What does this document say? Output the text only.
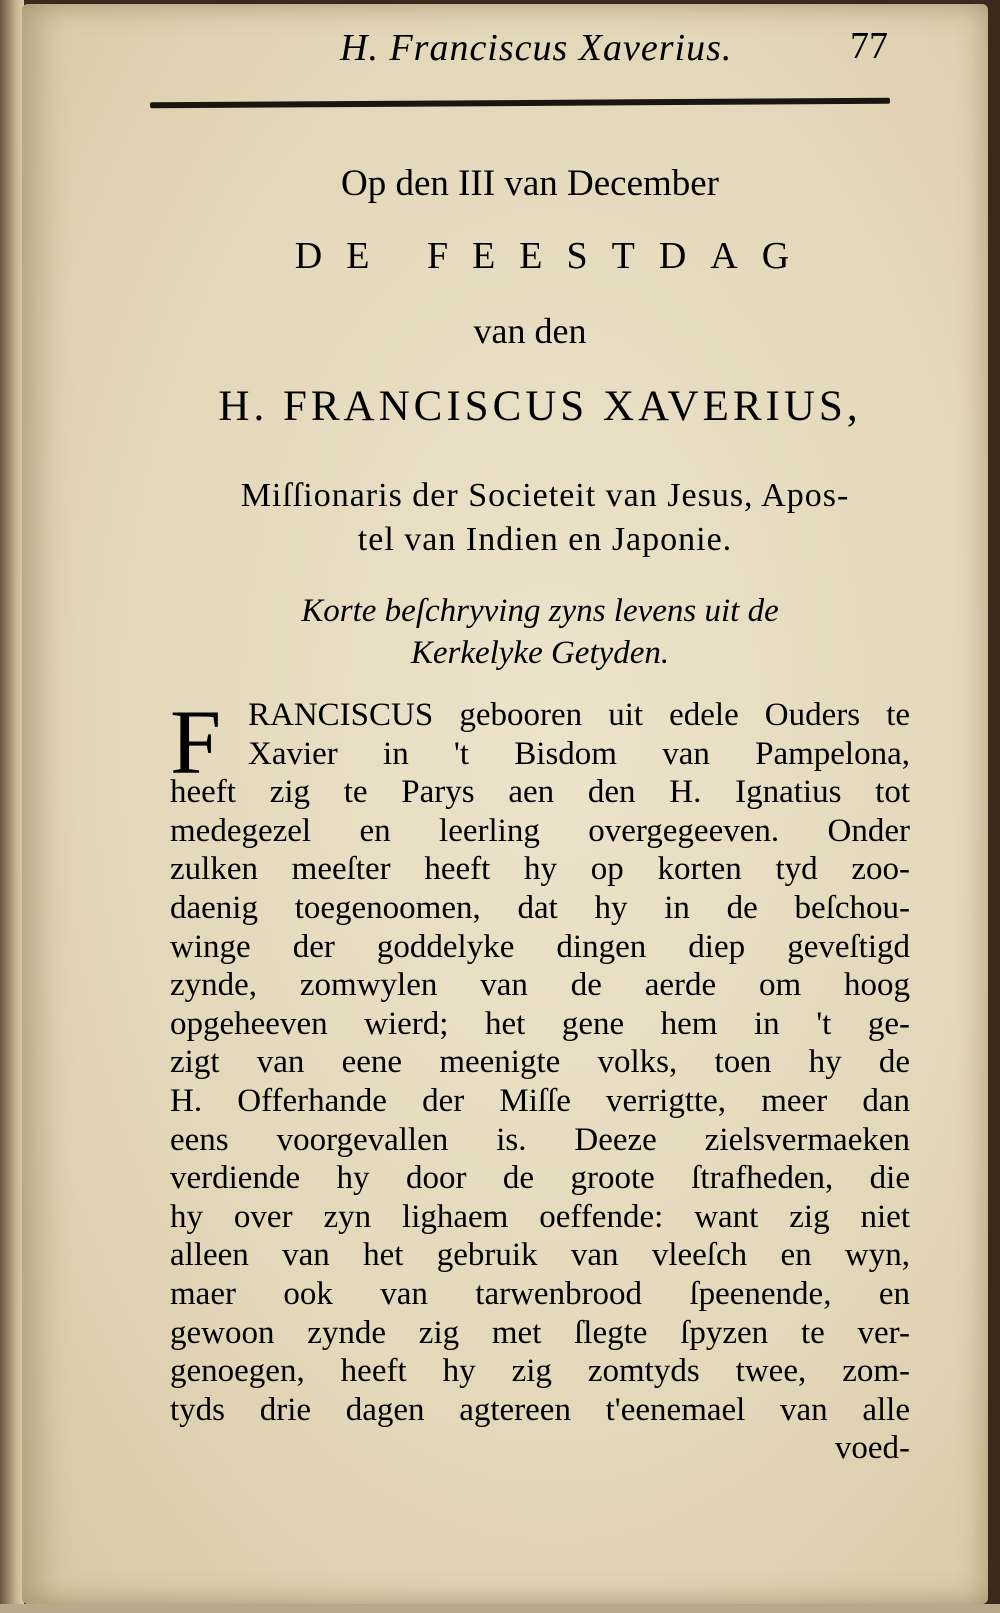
H. Franciscus Xaverius.	77
Op den III van December
DE FEESTDAG
van den
H. FRANCISCUS XAVERIUS,
Miſſionaris der Societeit van Jesus, Apos-
tel van Indien en Japonie.
Korte beſchryving zyns levens uit de
Kerkelyke Getyden.
F RANCISCUS gebooren uit edele Ouders te
Xavier in 't Bisdom van Pampelona,
heeft zig te Parys aen den H. Ignatius tot
medegezel en leerling overgegeeven. Onder
zulken meeſter heeft hy op korten tyd zoo-
daenig toegenoomen, dat hy in de beſchou-
winge der goddelyke dingen diep geveſtigd
zynde, zomwylen van de aerde om hoog
opgeheeven wierd; het gene hem in 't ge-
zigt van eene meenigte volks, toen hy de
H. Offerhande der Miſſe verrigtte, meer dan
eens voorgevallen is. Deeze zielsvermaeken
verdiende hy door de groote ſtrafheden, die
hy over zyn lighaem oeffende: want zig niet
alleen van het gebruik van vleeſch en wyn,
maer ook van tarwenbrood ſpeenende, en
gewoon zynde zig met ſlegte ſpyzen te ver-
genoegen, heeft hy zig zomtyds twee, zom-
tyds drie dagen agtereen t'eenemael van alle
voed-
